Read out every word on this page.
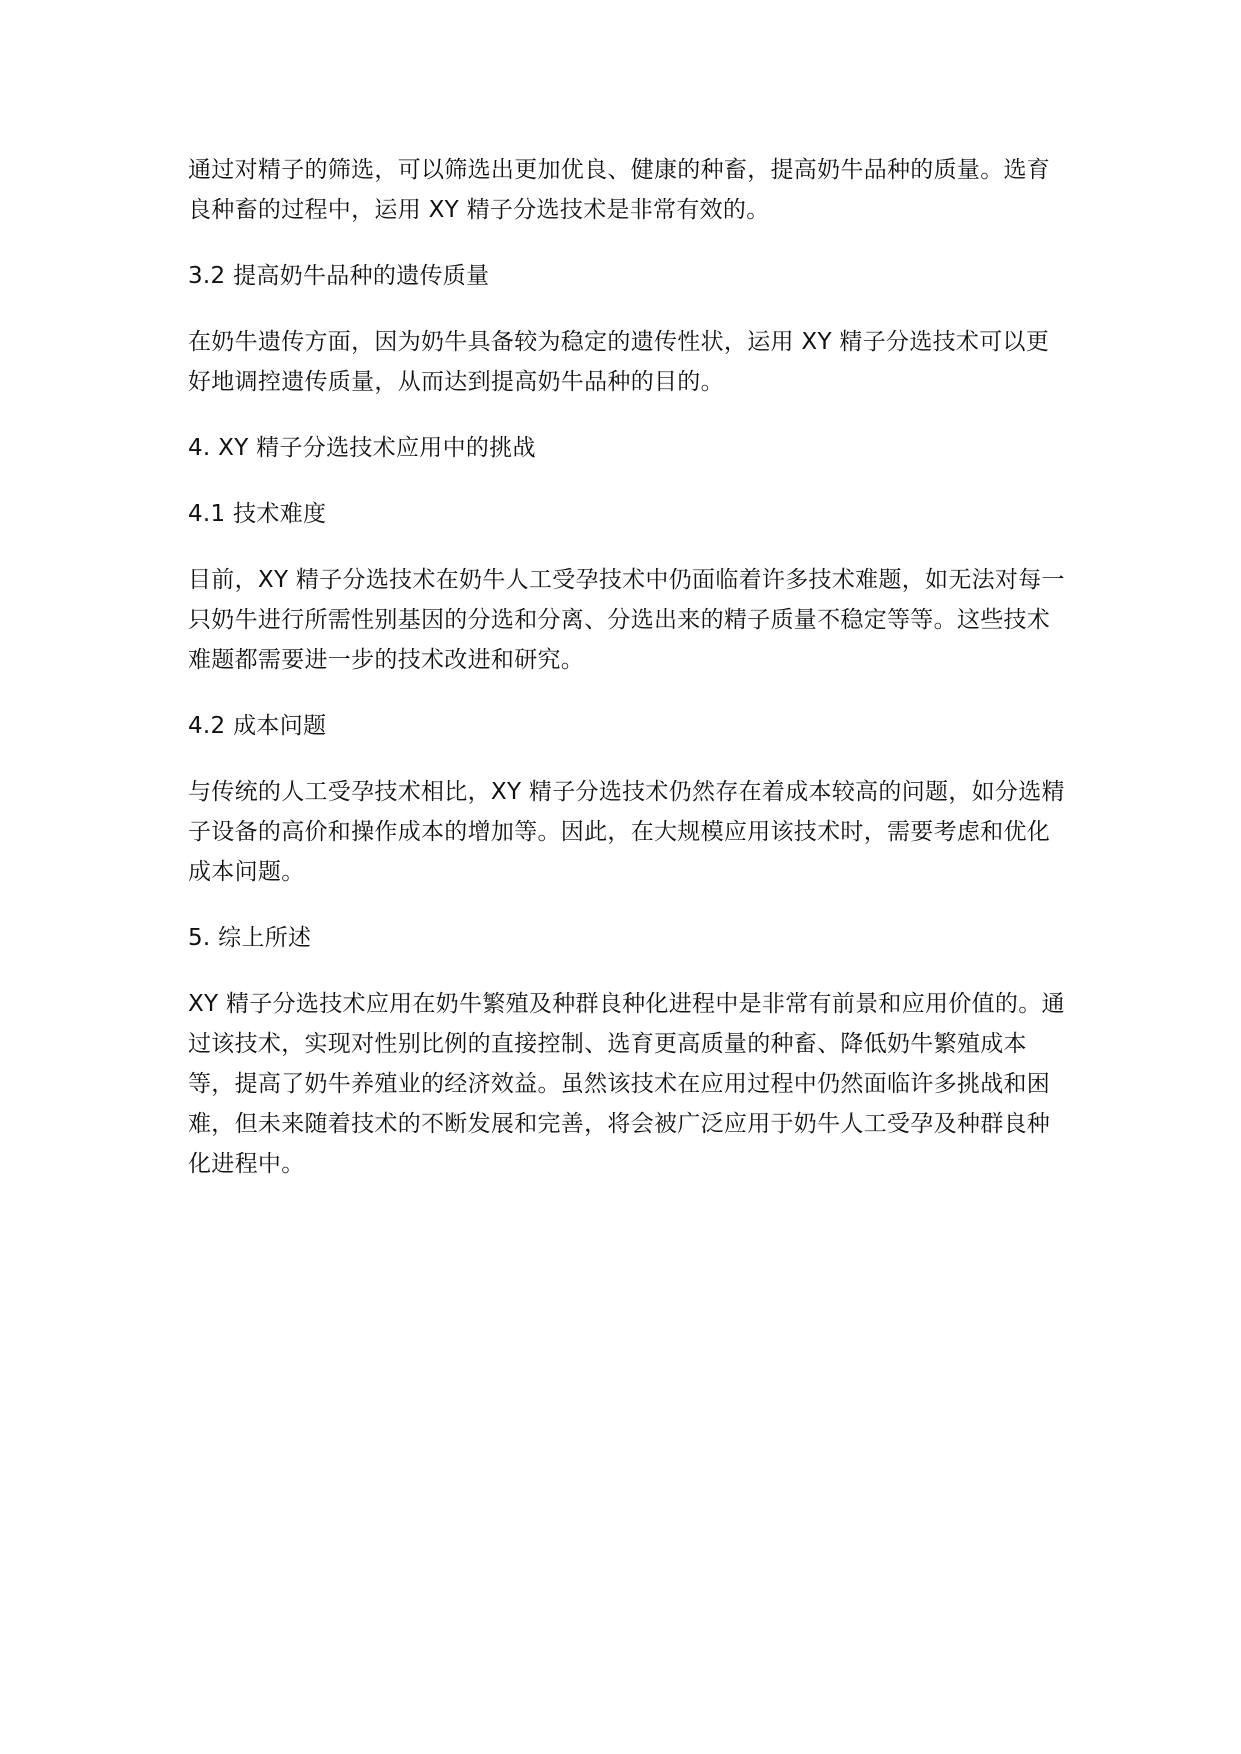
通过对精子的筛选，可以筛选出更加优良、健康的种畜，提高奶牛品种的质量。选育良种畜的过程中，运用 XY 精子分选技术是非常有效的。

3.2 提高奶牛品种的遗传质量

在奶牛遗传方面，因为奶牛具备较为稳定的遗传性状，运用 XY 精子分选技术可以更好地调控遗传质量，从而达到提高奶牛品种的目的。

4. XY 精子分选技术应用中的挑战

4.1 技术难度

目前，XY 精子分选技术在奶牛人工受孕技术中仍面临着许多技术难题，如无法对每一只奶牛进行所需性别基因的分选和分离、分选出来的精子质量不稳定等等。这些技术难题都需要进一步的技术改进和研究。

4.2 成本问题

与传统的人工受孕技术相比，XY 精子分选技术仍然存在着成本较高的问题，如分选精子设备的高价和操作成本的增加等。因此，在大规模应用该技术时，需要考虑和优化成本问题。

5. 综上所述

XY 精子分选技术应用在奶牛繁殖及种群良种化进程中是非常有前景和应用价值的。通过该技术，实现对性别比例的直接控制、选育更高质量的种畜、降低奶牛繁殖成本等，提高了奶牛养殖业的经济效益。虽然该技术在应用过程中仍然面临许多挑战和困难，但未来随着技术的不断发展和完善，将会被广泛应用于奶牛人工受孕及种群良种化进程中。
